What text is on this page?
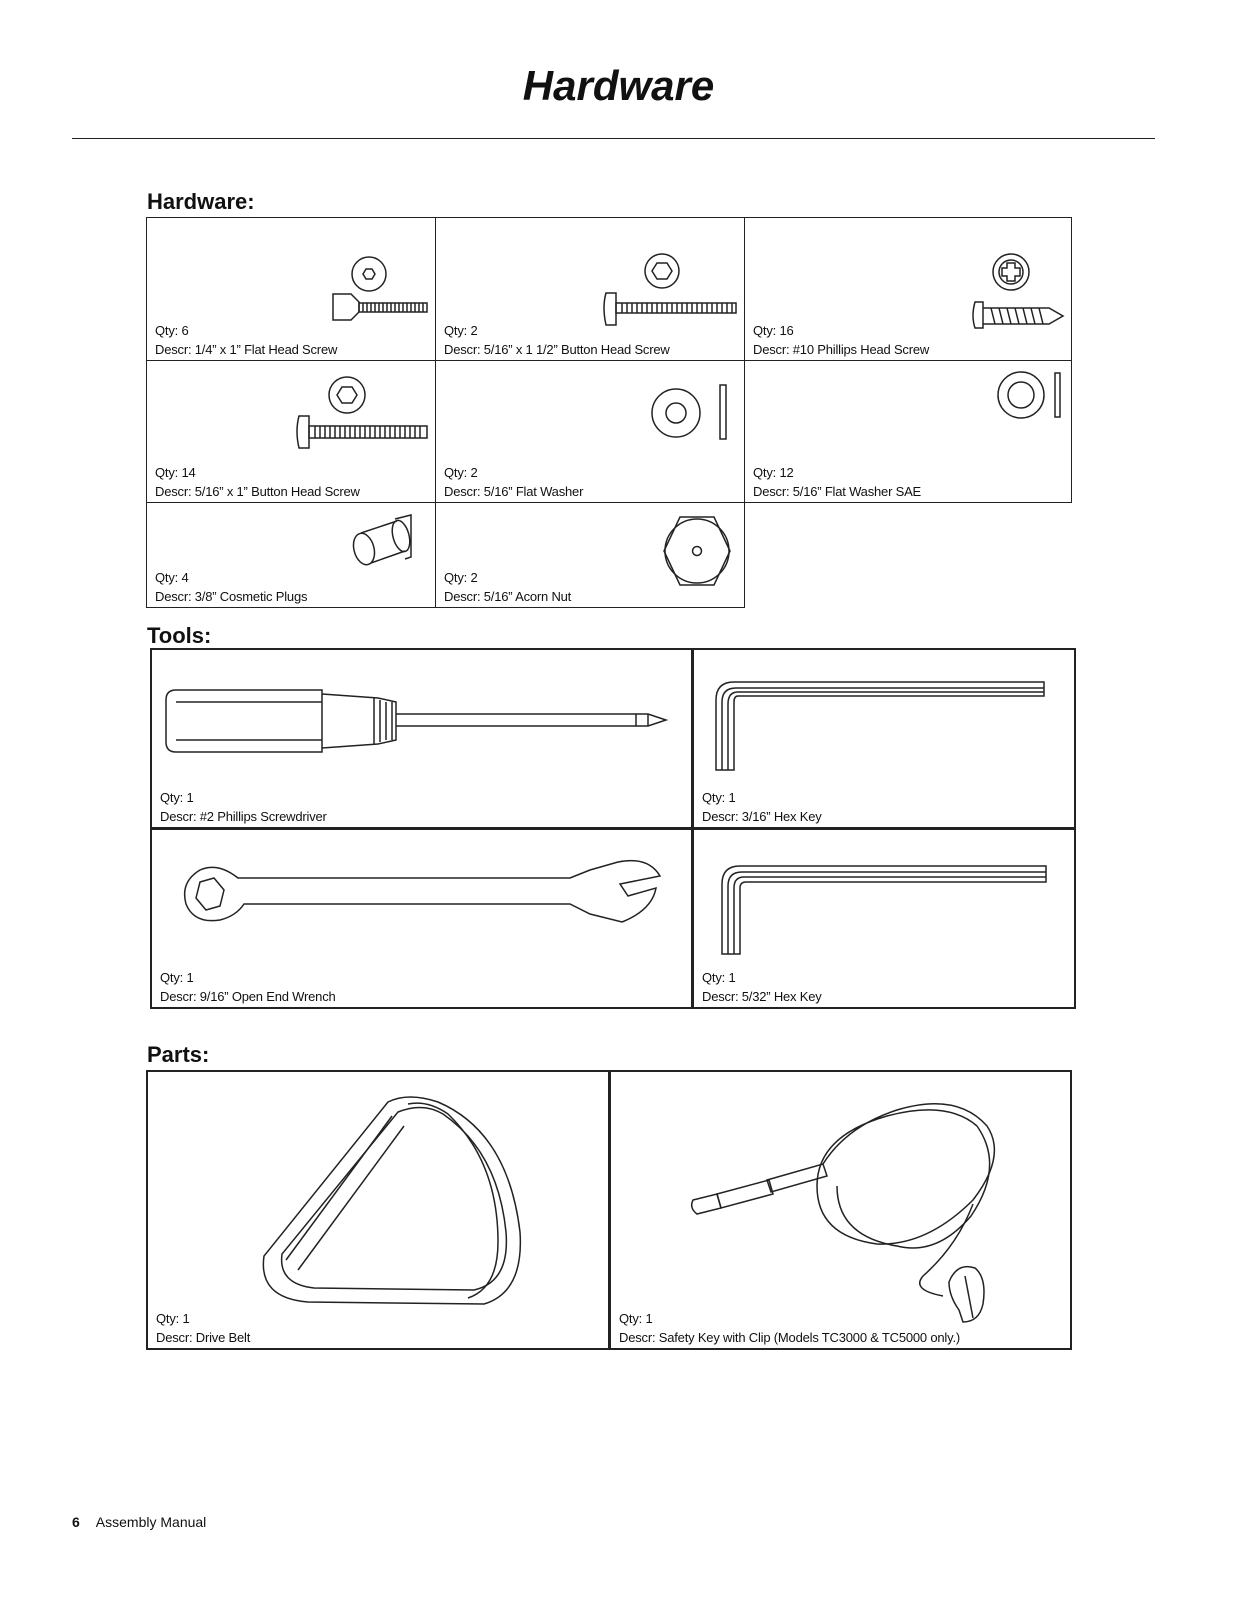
Hardware
Hardware:
Qty: 6
Descr: 1/4” x 1” Flat Head Screw
Qty: 2
Descr: 5/16” x 1 1/2” Button Head Screw
Qty: 16
Descr: #10 Phillips Head Screw
Qty: 14
Descr: 5/16” x 1” Button Head Screw
Qty: 2
Descr: 5/16” Flat Washer
Qty: 12
Descr: 5/16” Flat Washer SAE
Qty: 4
Descr: 3/8” Cosmetic Plugs
Qty: 2
Descr: 5/16” Acorn Nut
Tools:
Qty: 1
Descr: #2 Phillips Screwdriver
Qty: 1
Descr: 3/16” Hex Key
Qty: 1
Descr: 9/16” Open End Wrench
Qty: 1
Descr: 5/32” Hex Key
Parts:
Qty: 1
Descr: Drive Belt
Qty: 1
Descr: Safety Key with Clip (Models TC3000 & TC5000 only.)
6 Assembly Manual
